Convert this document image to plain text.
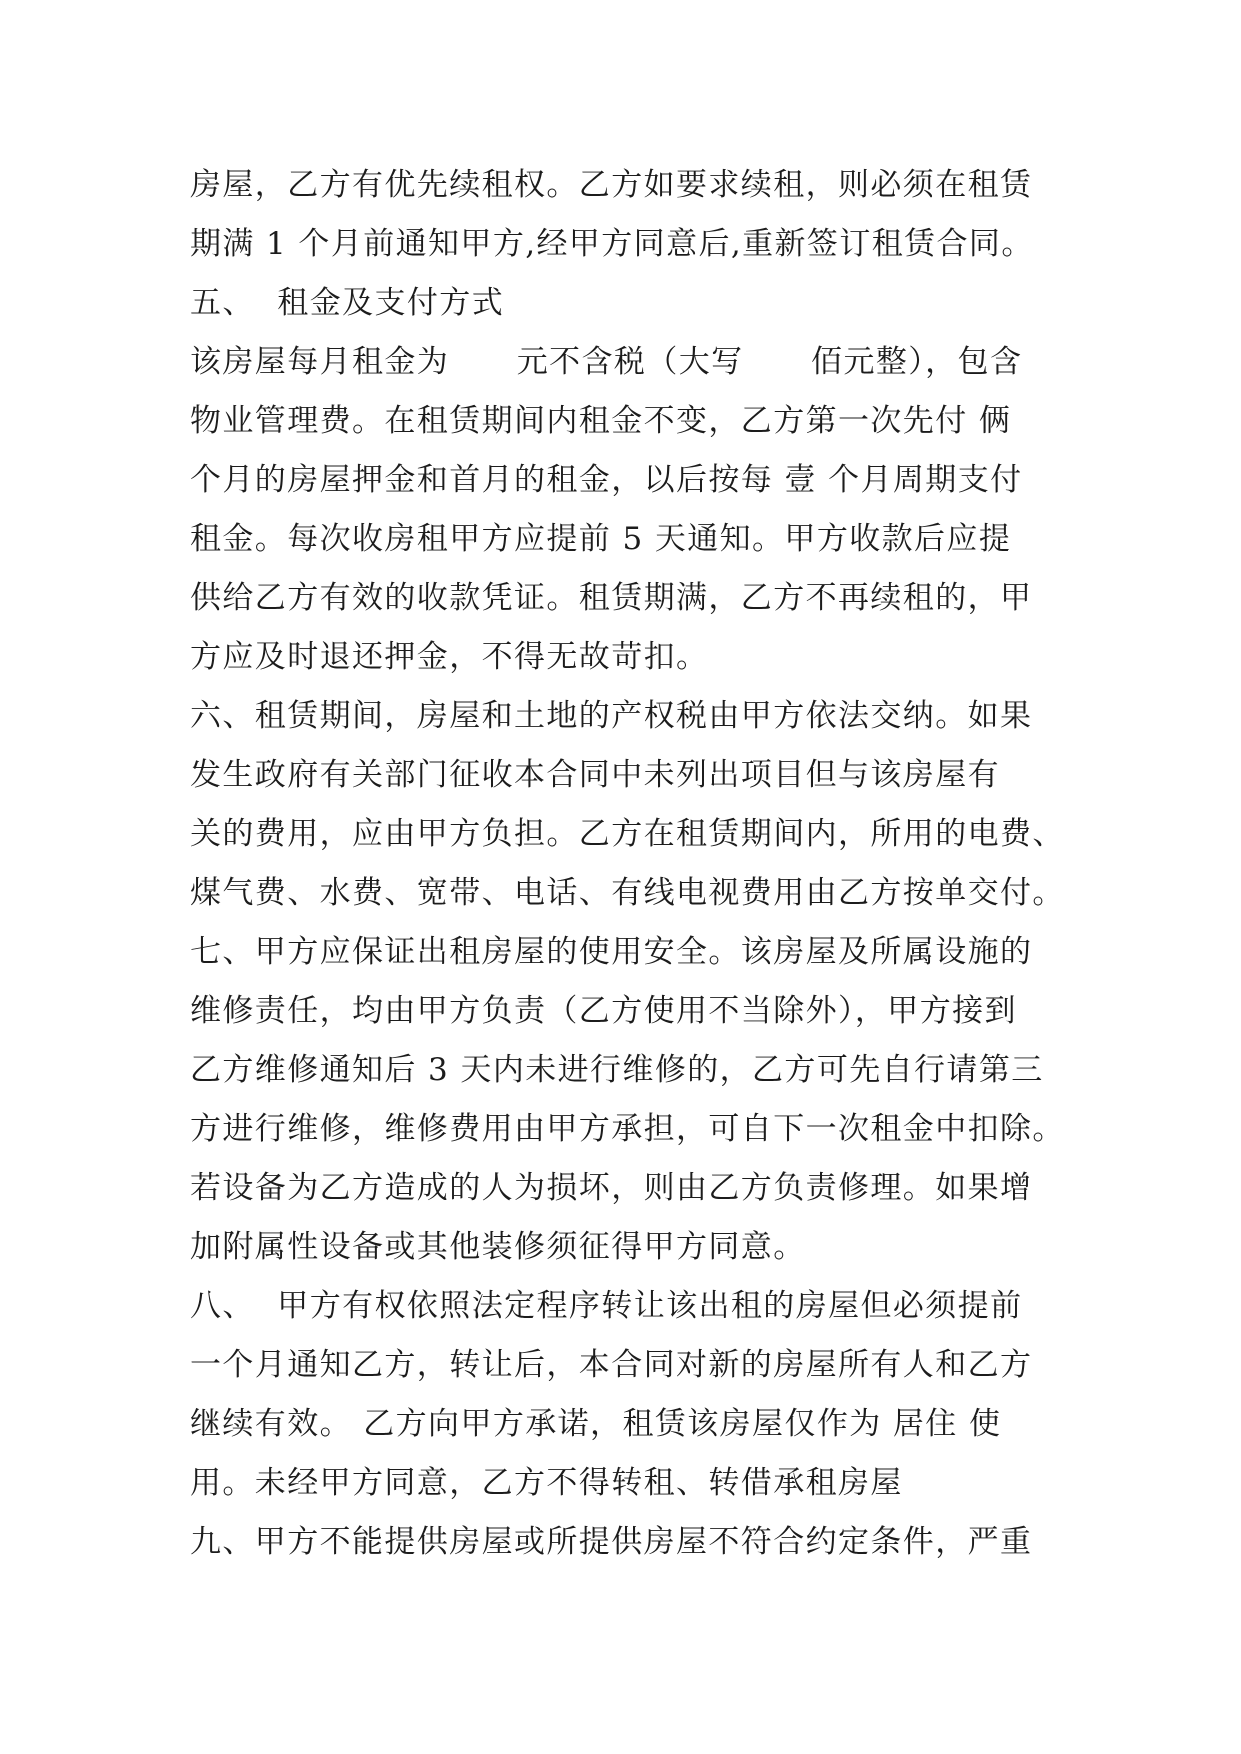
房屋，乙方有优先续租权。乙方如要求续租，则必须在租赁
期满 1 个月前通知甲方,经甲方同意后,重新签订租赁合同。
五、  租金及支付方式
该房屋每月租金为      元不含税（大写      佰元整），包含
物业管理费。在租赁期间内租金不变，乙方第一次先付 俩
个月的房屋押金和首月的租金，以后按每 壹 个月周期支付
租金。每次收房租甲方应提前 5 天通知。甲方收款后应提
供给乙方有效的收款凭证。租赁期满，乙方不再续租的，甲
方应及时退还押金，不得无故苛扣。
六、租赁期间，房屋和土地的产权税由甲方依法交纳。如果
发生政府有关部门征收本合同中未列出项目但与该房屋有
关的费用，应由甲方负担。乙方在租赁期间内，所用的电费、
煤气费、水费、宽带、电话、有线电视费用由乙方按单交付。
七、甲方应保证出租房屋的使用安全。该房屋及所属设施的
维修责任，均由甲方负责（乙方使用不当除外），甲方接到
乙方维修通知后 3 天内未进行维修的，乙方可先自行请第三
方进行维修，维修费用由甲方承担，可自下一次租金中扣除。
若设备为乙方造成的人为损坏，则由乙方负责修理。如果增
加附属性设备或其他装修须征得甲方同意。
八、  甲方有权依照法定程序转让该出租的房屋但必须提前
一个月通知乙方，转让后，本合同对新的房屋所有人和乙方
继续有效。 乙方向甲方承诺，租赁该房屋仅作为 居住 使
用。未经甲方同意，乙方不得转租、转借承租房屋
九、甲方不能提供房屋或所提供房屋不符合约定条件，严重
